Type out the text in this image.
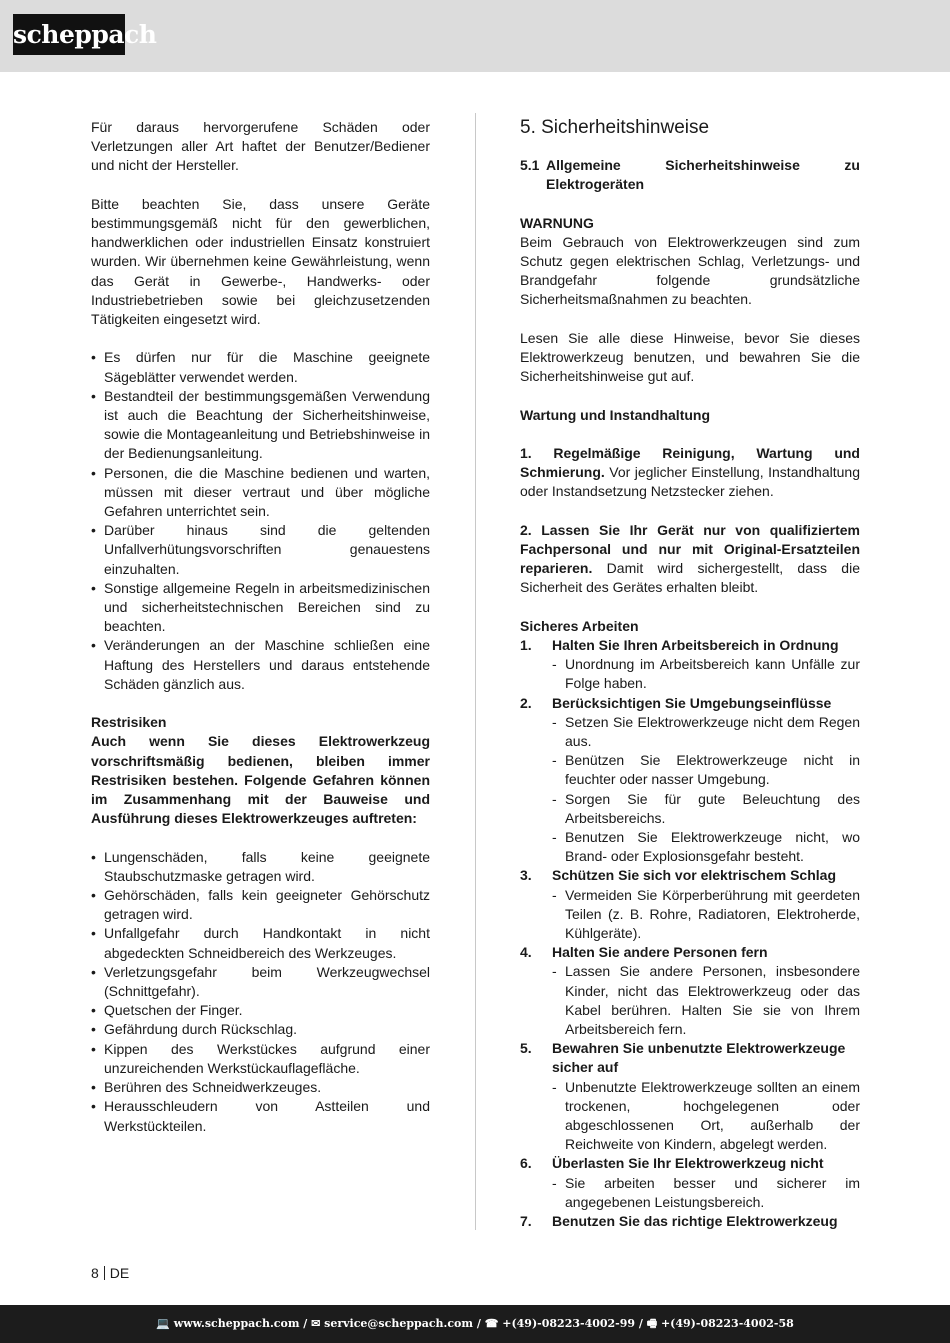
scheppach

Für daraus hervorgerufene Schäden oder Verletzungen aller Art haftet der Benutzer/Bediener und nicht der Hersteller.

Bitte beachten Sie, dass unsere Geräte bestimmungsgemäß nicht für den gewerblichen, handwerklichen oder industriellen Einsatz konstruiert wurden. Wir übernehmen keine Gewährleistung, wenn das Gerät in Gewerbe-, Handwerks- oder Industriebetrieben sowie bei gleichzusetzenden Tätigkeiten eingesetzt wird.

• Es dürfen nur für die Maschine geeignete Sägeblätter verwendet werden.
• Bestandteil der bestimmungsgemäßen Verwendung ist auch die Beachtung der Sicherheitshinweise, sowie die Montageanleitung und Betriebshinweise in der Bedienungsanleitung.
• Personen, die die Maschine bedienen und warten, müssen mit dieser vertraut und über mögliche Gefahren unterrichtet sein.
• Darüber hinaus sind die geltenden Unfallverhütungsvorschriften genauestens einzuhalten.
• Sonstige allgemeine Regeln in arbeitsmedizinischen und sicherheitstechnischen Bereichen sind zu beachten.
• Veränderungen an der Maschine schließen eine Haftung des Herstellers und daraus entstehende Schäden gänzlich aus.

Restrisiken

Auch wenn Sie dieses Elektrowerkzeug vorschriftsmäßig bedienen, bleiben immer Restrisiken bestehen. Folgende Gefahren können im Zusammenhang mit der Bauweise und Ausführung dieses Elektrowerkzeuges auftreten:

• Lungenschäden, falls keine geeignete Staubschutzmaske getragen wird.
• Gehörschäden, falls kein geeigneter Gehörschutz getragen wird.
• Unfallgefahr durch Handkontakt in nicht abgedeckten Schneidbereich des Werkzeuges.
• Verletzungsgefahr beim Werkzeugwechsel (Schnittgefahr).
• Quetschen der Finger.
• Gefährdung durch Rückschlag.
• Kippen des Werkstückes aufgrund einer unzureichenden Werkstückauflagefläche.
• Berühren des Schneidwerkzeuges.
• Herausschleudern von Astteilen und Werkstückteilen.
5. Sicherheitshinweise
5.1 Allgemeine Sicherheitshinweise zu Elektrogeräten

WARNUNG

Beim Gebrauch von Elektrowerkzeugen sind zum Schutz gegen elektrischen Schlag, Verletzungs- und Brandgefahr folgende grundsätzliche Sicherheitsmaßnahmen zu beachten.

Lesen Sie alle diese Hinweise, bevor Sie dieses Elektrowerkzeug benutzen, und bewahren Sie die Sicherheitshinweise gut auf.

Wartung und Instandhaltung

1. Regelmäßige Reinigung, Wartung und Schmierung. Vor jeglicher Einstellung, Instandhaltung oder Instandsetzung Netzstecker ziehen.

2. Lassen Sie Ihr Gerät nur von qualifiziertem Fachpersonal und nur mit Original-Ersatzteilen reparieren. Damit wird sichergestellt, dass die Sicherheit des Gerätes erhalten bleibt.

Sicheres Arbeiten

1.	Halten Sie Ihren Arbeitsbereich in Ordnung
- Unordnung im Arbeitsbereich kann Unfälle zur Folge haben.
2.	Berücksichtigen Sie Umgebungseinflüsse
- Setzen Sie Elektrowerkzeuge nicht dem Regen aus.
- Benützen Sie Elektrowerkzeuge nicht in feuchter oder nasser Umgebung.
- Sorgen Sie für gute Beleuchtung des Arbeitsbereichs.
- Benutzen Sie Elektrowerkzeuge nicht, wo Brand- oder Explosionsgefahr besteht.
3.	Schützen Sie sich vor elektrischem Schlag
- Vermeiden Sie Körperberührung mit geerdeten Teilen (z. B. Rohre, Radiatoren, Elektroherde, Kühlgeräte).
4.	Halten Sie andere Personen fern
- Lassen Sie andere Personen, insbesondere Kinder, nicht das Elektrowerkzeug oder das Kabel berühren. Halten Sie sie von Ihrem Arbeitsbereich fern.
5.	Bewahren Sie unbenutzte Elektrowerkzeuge sicher auf
- Unbenutzte Elektrowerkzeuge sollten an einem trockenen, hochgelegenen oder abgeschlossenen Ort, außerhalb der Reichweite von Kindern, abgelegt werden.
6.	Überlasten Sie Ihr Elektrowerkzeug nicht
- Sie arbeiten besser und sicherer im angegebenen Leistungsbereich.
7.	Benutzen Sie das richtige Elektrowerkzeug
8 DE
💻 www.scheppach.com / ✉ service@scheppach.com / ☎ +(49)-08223-4002-99 / 🖷 +(49)-08223-4002-58
